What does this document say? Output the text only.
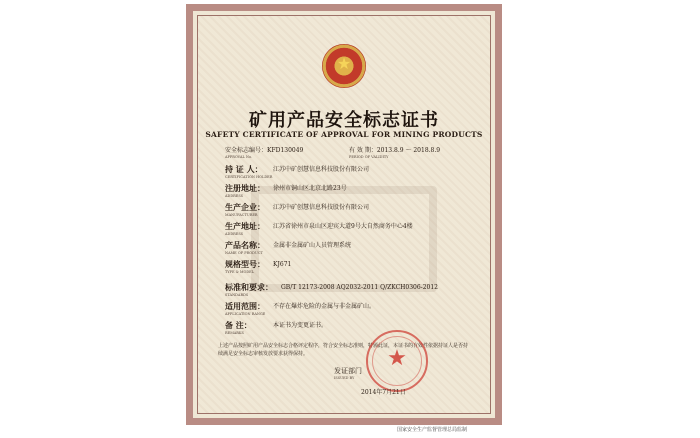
★
矿用产品安全标志证书
SAFETY CERTIFICATE OF APPROVAL FOR MINING PRODUCTS
安全标志编号：KFD130049
APPROVAL No.
有 效 期：2013.8.9 ～ 2018.8.9
PERIOD OF VALIDITY
持 证 人：
CERTIFICATION HOLDER
江苏中矿创慧信息科技股份有限公司
注册地址：
ADDRESS
徐州市铜山区北京北路23号
生产企业：
MANUFACTURER
江苏中矿创慧信息科技股份有限公司
生产地址：
ADDRESS
江苏省徐州市泉山区迎宾大道9号大自然商务中心4楼
产品名称：
NAME OF PRODUCT
金属非金属矿山人员管理系统
规格型号：
TYPE & MODEL
KJ671
标准和要求：
STANDARDS
GB/T 12173-2008 AQ2032-2011 Q/ZKCH0306-2012
适用范围：
APPLICATION RANGE
不存在爆炸危险的金属与非金属矿山。
备 注：
REMARKS
本证书为变更证书。
上述产品按照矿用产品安全标志合格评定程序，符合安全标志准则，特颁此证，本证书的有效性依据持证人是否持续满足安全标志审核发放要求获得保持。	★
发证部门
ISSUED BY
2014年7月21日
国家安全生产监督管理总局监制
